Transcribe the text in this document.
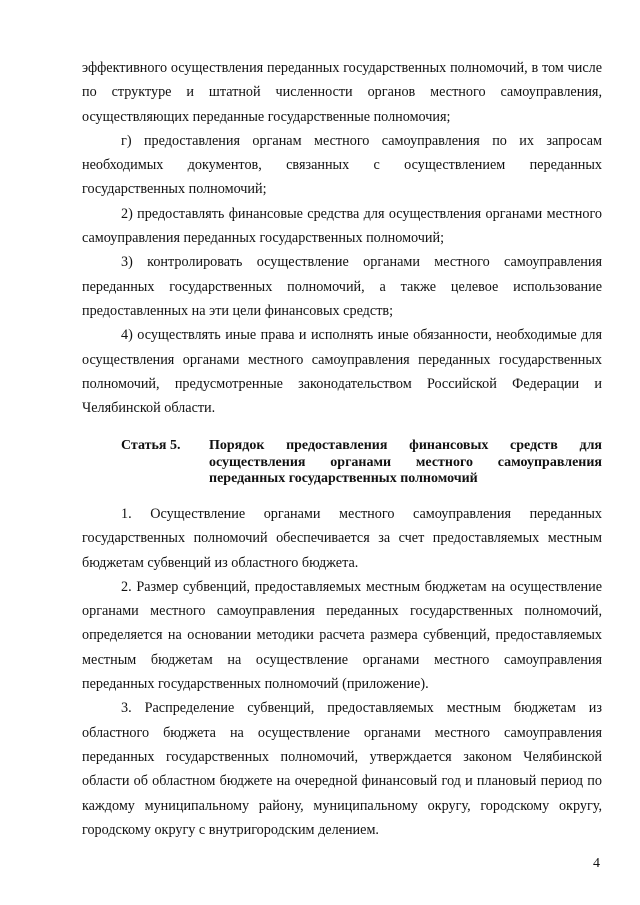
эффективного осуществления переданных государственных полномочий, в том числе по структуре и штатной численности органов местного самоуправления, осуществляющих переданные государственные полномочия;

г) предоставления органам местного самоуправления по их запросам необходимых документов, связанных с осуществлением переданных государственных полномочий;

2) предоставлять финансовые средства для осуществления органами местного самоуправления переданных государственных полномочий;

3) контролировать осуществление органами местного самоуправления переданных государственных полномочий, а также целевое использование предоставленных на эти цели финансовых средств;

4) осуществлять иные права и исполнять иные обязанности, необходимые для осуществления органами местного самоуправления переданных государственных полномочий, предусмотренные законодательством Российской Федерации и Челябинской области.

Статья 5.	Порядок предоставления финансовых средств для осуществления органами местного самоуправления переданных государственных полномочий

1. Осуществление органами местного самоуправления переданных государственных полномочий обеспечивается за счет предоставляемых местным бюджетам субвенций из областного бюджета.

2. Размер субвенций, предоставляемых местным бюджетам на осуществление органами местного самоуправления переданных государственных полномочий, определяется на основании методики расчета размера субвенций, предоставляемых местным бюджетам на осуществление органами местного самоуправления переданных государственных полномочий (приложение).

3. Распределение субвенций, предоставляемых местным бюджетам из областного бюджета на осуществление органами местного самоуправления переданных государственных полномочий, утверждается законом Челябинской области об областном бюджете на очередной финансовый год и плановый период по каждому муниципальному району, муниципальному округу, городскому округу, городскому округу с внутригородским делением.

4
